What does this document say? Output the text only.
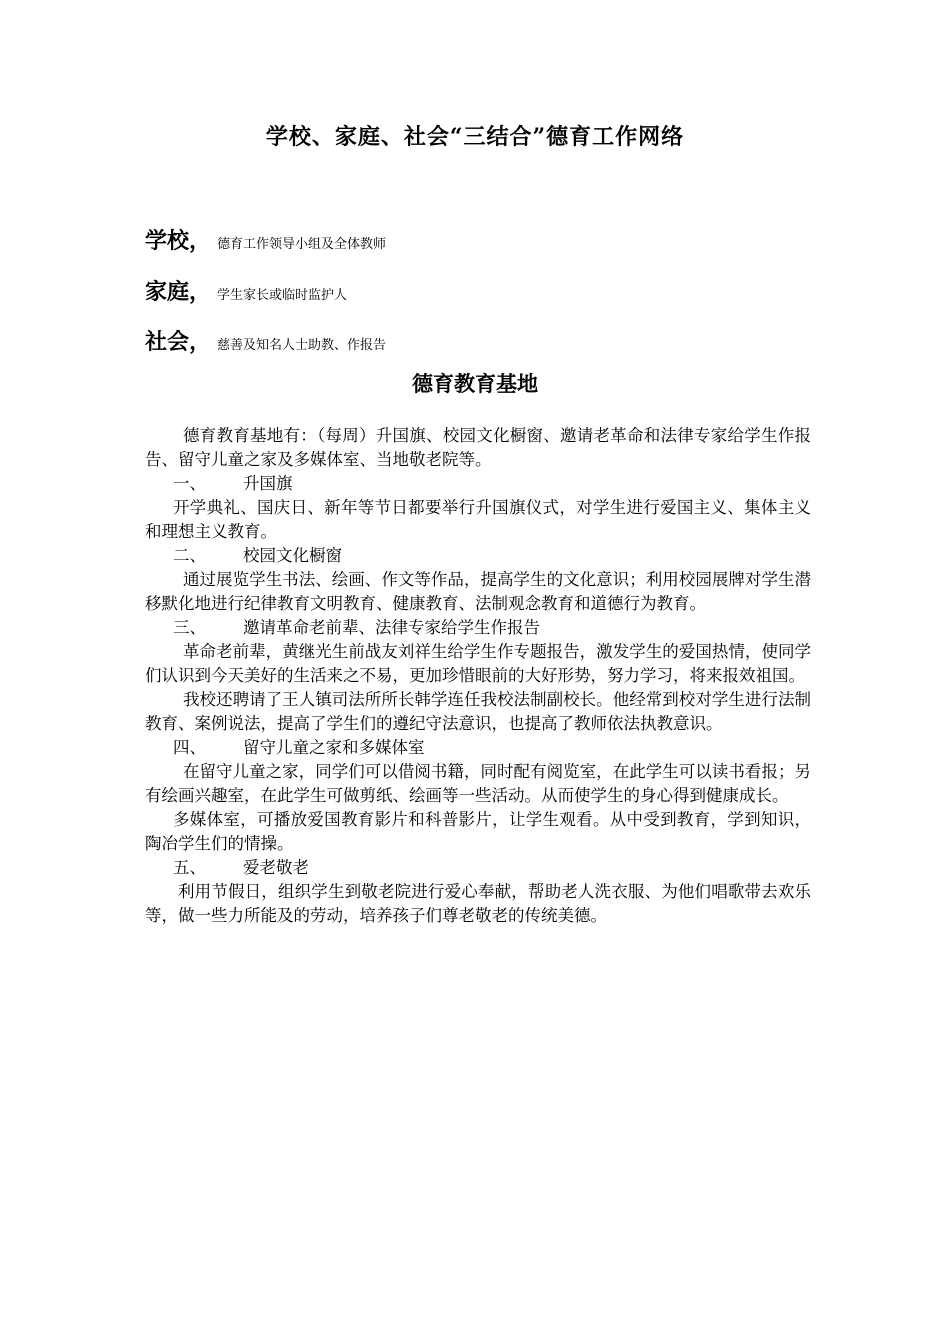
学校、家庭、社会“三结合”德育工作网络
学校， 德育工作领导小组及全体教师
家庭， 学生家长或临时监护人
社会， 慈善及知名人士助教、作报告
德育教育基地

德育教育基地有：（每周）升国旗、校园文化橱窗、邀请老革命和法律专家给学生作报告、留守儿童之家及多媒体室、当地敬老院等。

一、 升国旗

开学典礼、国庆日、新年等节日都要举行升国旗仪式，对学生进行爱国主义、集体主义和理想主义教育。

二、 校园文化橱窗

通过展览学生书法、绘画、作文等作品，提高学生的文化意识；利用校园展牌对学生潜移默化地进行纪律教育文明教育、健康教育、法制观念教育和道德行为教育。

三、 邀请革命老前辈、法律专家给学生作报告

革命老前辈，黄继光生前战友刘祥生给学生作专题报告，激发学生的爱国热情，使同学们认识到今天美好的生活来之不易，更加珍惜眼前的大好形势，努力学习，将来报效祖国。

我校还聘请了王人镇司法所所长韩学连任我校法制副校长。他经常到校对学生进行法制教育、案例说法，提高了学生们的遵纪守法意识，也提高了教师依法执教意识。

四、 留守儿童之家和多媒体室

在留守儿童之家，同学们可以借阅书籍，同时配有阅览室，在此学生可以读书看报；另有绘画兴趣室，在此学生可做剪纸、绘画等一些活动。从而使学生的身心得到健康成长。

多媒体室，可播放爱国教育影片和科普影片，让学生观看。从中受到教育，学到知识，陶冶学生们的情操。

五、 爱老敬老

利用节假日，组织学生到敬老院进行爱心奉献，帮助老人洗衣服、为他们唱歌带去欢乐等，做一些力所能及的劳动，培养孩子们尊老敬老的传统美德。
